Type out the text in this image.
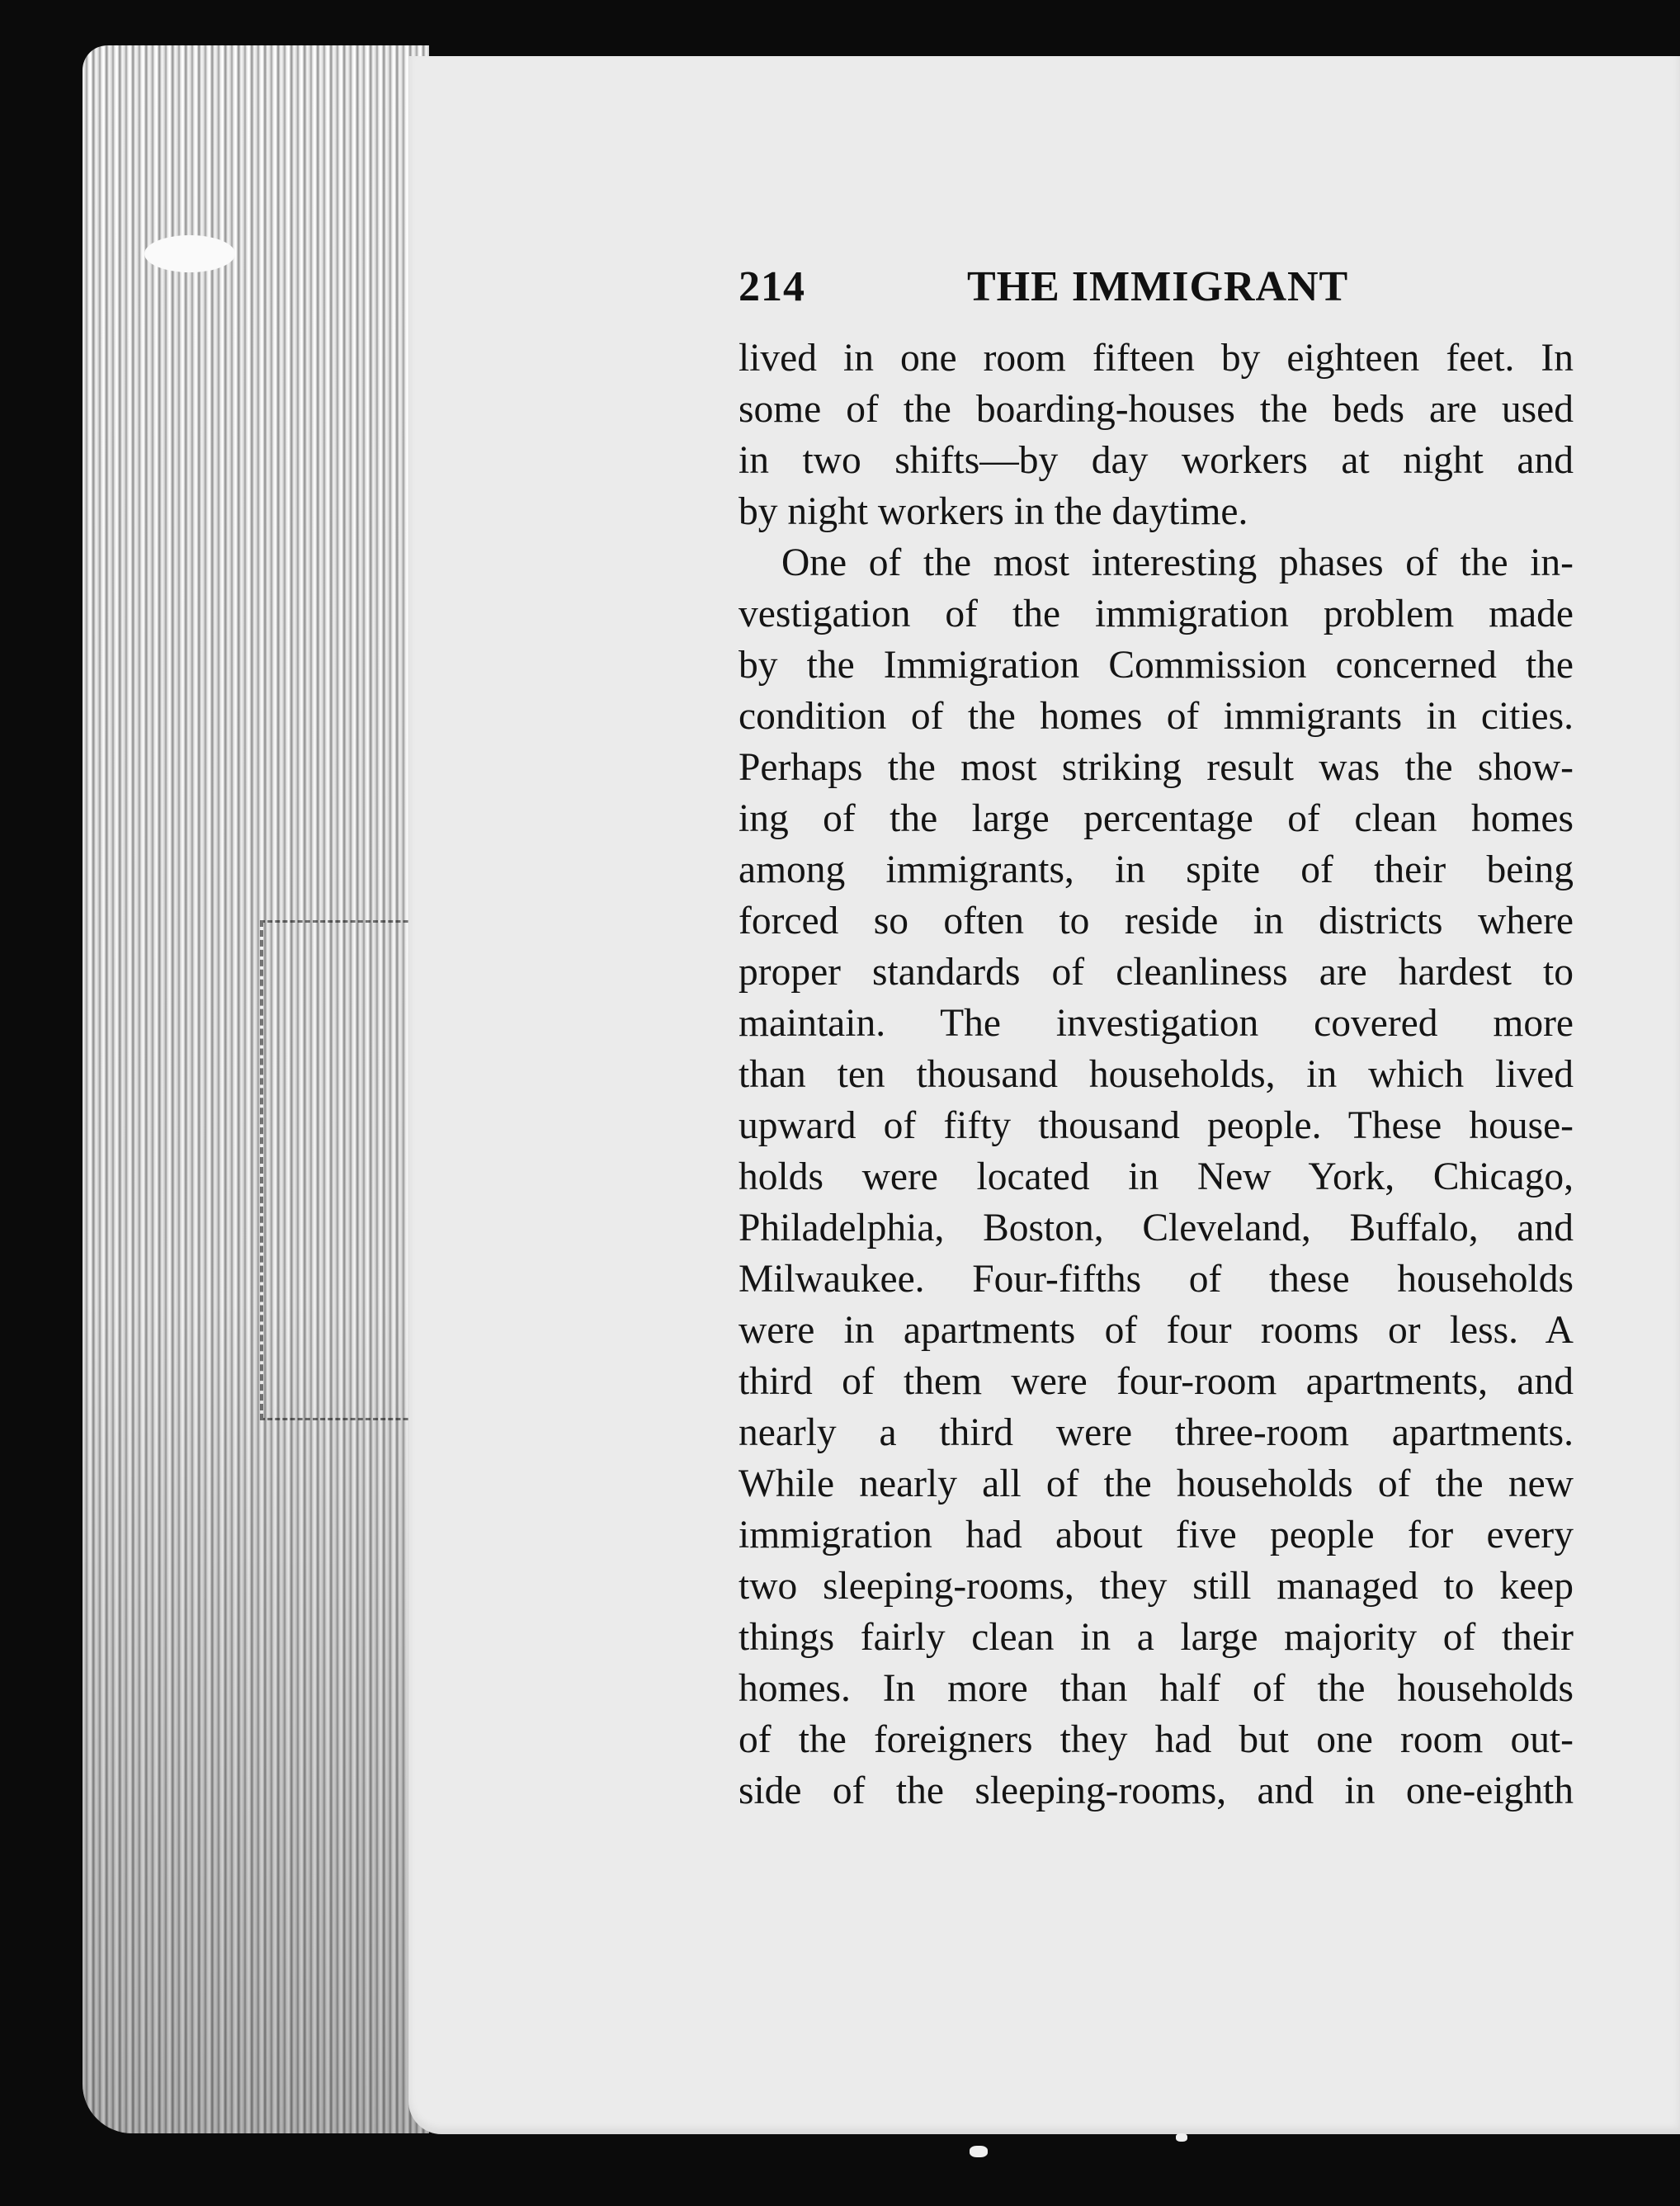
214	THE IMMIGRANT
lived in one room fifteen by eighteen feet. In
some of the boarding-houses the beds are used
in two shifts—by day workers at night and
by night workers in the daytime.
One of the most interesting phases of the in-
vestigation of the immigration problem made
by the Immigration Commission concerned the
condition of the homes of immigrants in cities.
Perhaps the most striking result was the show-
ing of the large percentage of clean homes
among immigrants, in spite of their being
forced so often to reside in districts where
proper standards of cleanliness are hardest to
maintain. The investigation covered more
than ten thousand households, in which lived
upward of fifty thousand people. These house-
holds were located in New York, Chicago,
Philadelphia, Boston, Cleveland, Buffalo, and
Milwaukee. Four-fifths of these households
were in apartments of four rooms or less. A
third of them were four-room apartments, and
nearly a third were three-room apartments.
While nearly all of the households of the new
immigration had about five people for every
two sleeping-rooms, they still managed to keep
things fairly clean in a large majority of their
homes. In more than half of the households
of the foreigners they had but one room out-
side of the sleeping-rooms, and in one-eighth
